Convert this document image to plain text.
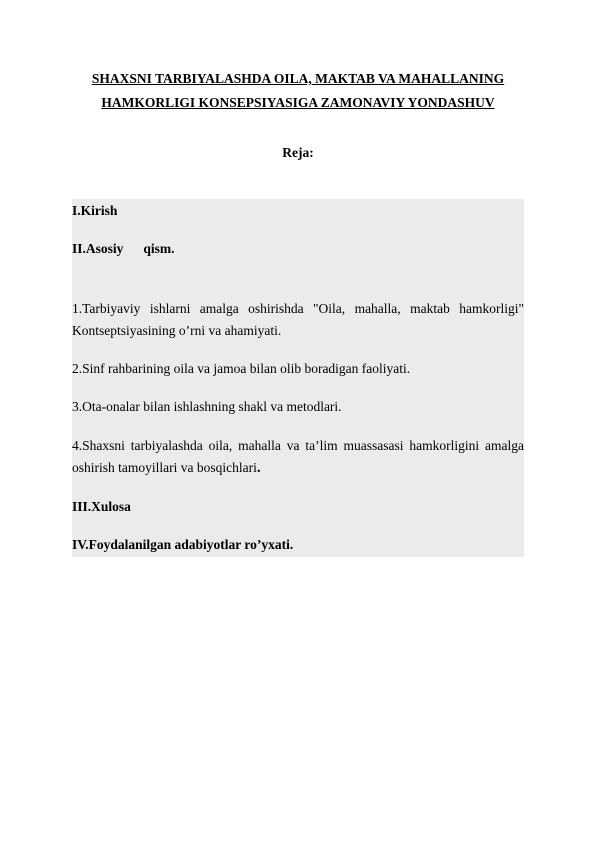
SHAXSNI TARBIYALASHDA OILA, MAKTAB VA MAHALLANING
HAMKORLIGI KONSEPSIYASIGA ZAMONAVIY YONDASHUV
Reja:
I.Kirish
II.Asosiy qism.
1.Tarbiyaviy ishlarni amalga oshirishda "Oila, mahalla, maktab hamkorligi"
Kontseptsiyasining o’rni va ahamiyati.
2.Sinf rahbarining oila va jamoa bilan olib boradigan faoliyati.
3.Ota-onalar bilan ishlashning shakl va metodlari.
4.Shaxsni tarbiyalashda oila, mahalla va ta’lim muassasasi hamkorligini amalga
oshirish tamoyillari va bosqichlari.
III.Xulosa
IV.Foydalanilgan adabiyotlar ro’yxati.
